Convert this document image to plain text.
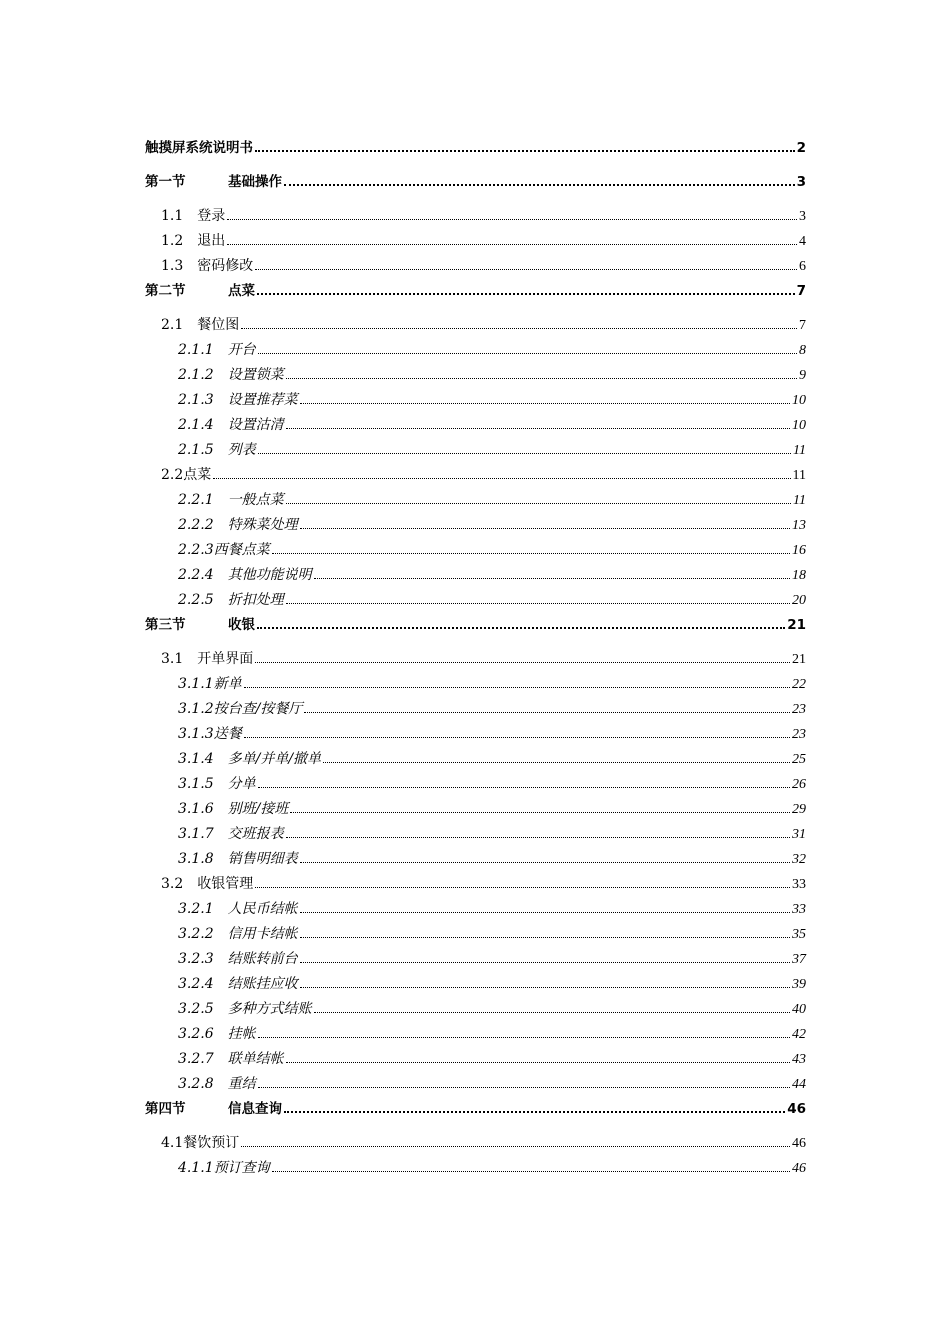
触摸屏系统说明书	2
第一节	基础操作	3
1.1　 登录	3
1.2　 退出	4
1.3　 密码修改	6
第二节	点菜	7
2.1　 餐位图	7
2.1.1　 开台	8
2.1.2　 设置锁菜	9
2.1.3　 设置推荐菜	10
2.1.4　 设置沽清	10
2.1.5　 列表	11
2.2 点菜	11
2.2.1　 一般点菜	11
2.2.2　 特殊菜处理	13
2.2.3 西餐点菜	16
2.2.4　 其他功能说明	18
2.2.5　 折扣处理	20
第三节	收银	21
3.1　 开单界面	21
3.1.1 新单	22
3.1.2 按台查/按餐厅	23
3.1.3 送餐	23
3.1.4　 多单/并单/撤单	25
3.1.5　 分单	26
3.1.6　 别班/接班	29
3.1.7　 交班报表	31
3.1.8　 销售明细表	32
3.2　 收银管理	33
3.2.1　 人民币结帐	33
3.2.2　 信用卡结帐	35
3.2.3　 结账转前台	37
3.2.4　 结账挂应收	39
3.2.5　 多种方式结账	40
3.2.6　 挂帐	42
3.2.7　 联单结帐	43
3.2.8　 重结	44
第四节	信息查询	46
4.1 餐饮预订	46
4.1.1 预订查询	46
